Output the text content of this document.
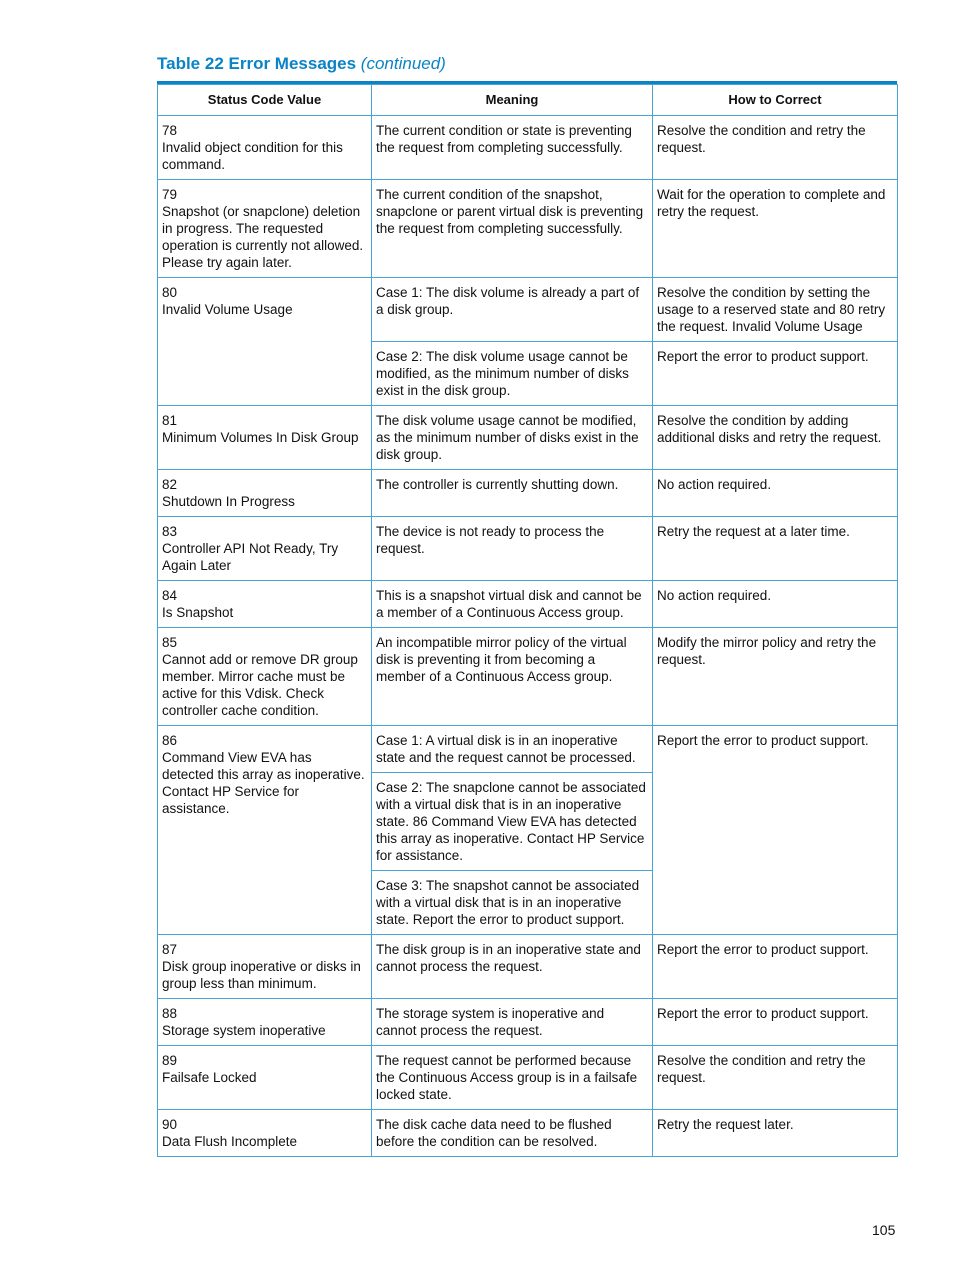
Table 22 Error Messages (continued)
Status Code Value	Meaning	How to Correct

78
Invalid object condition for this command.	The current condition or state is preventing the request from completing successfully.	Resolve the condition and retry the request.

79
Snapshot (or snapclone) deletion in progress. The requested operation is currently not allowed. Please try again later.	The current condition of the snapshot, snapclone or parent virtual disk is preventing the request from completing successfully.	Wait for the operation to complete and retry the request.

80
Invalid Volume Usage	Case 1: The disk volume is already a part of a disk group.	Resolve the condition by setting the usage to a reserved state and 80 retry the request. Invalid Volume Usage
	Case 2: The disk volume usage cannot be modified, as the minimum number of disks exist in the disk group.	Report the error to product support.

81
Minimum Volumes In Disk Group	The disk volume usage cannot be modified, as the minimum number of disks exist in the disk group.	Resolve the condition by adding additional disks and retry the request.

82
Shutdown In Progress	The controller is currently shutting down.	No action required.

83
Controller API Not Ready, Try Again Later	The device is not ready to process the request.	Retry the request at a later time.

84
Is Snapshot	This is a snapshot virtual disk and cannot be a member of a Continuous Access group.	No action required.

85
Cannot add or remove DR group member. Mirror cache must be active for this Vdisk. Check controller cache condition.	An incompatible mirror policy of the virtual disk is preventing it from becoming a member of a Continuous Access group.	Modify the mirror policy and retry the request.

86
Command View EVA has detected this array as inoperative. Contact HP Service for assistance.	Case 1: A virtual disk is in an inoperative state and the request cannot be processed.	Report the error to product support.
	Case 2: The snapclone cannot be associated with a virtual disk that is in an inoperative state. 86 Command View EVA has detected this array as inoperative. Contact HP Service for assistance.	
	Case 3: The snapshot cannot be associated with a virtual disk that is in an inoperative state. Report the error to product support.	

87
Disk group inoperative or disks in group less than minimum.	The disk group is in an inoperative state and cannot process the request.	Report the error to product support.

88
Storage system inoperative	The storage system is inoperative and cannot process the request.	Report the error to product support.

89
Failsafe Locked	The request cannot be performed because the Continuous Access group is in a failsafe locked state.	Resolve the condition and retry the request.

90
Data Flush Incomplete	The disk cache data need to be flushed before the condition can be resolved.	Retry the request later.
105
